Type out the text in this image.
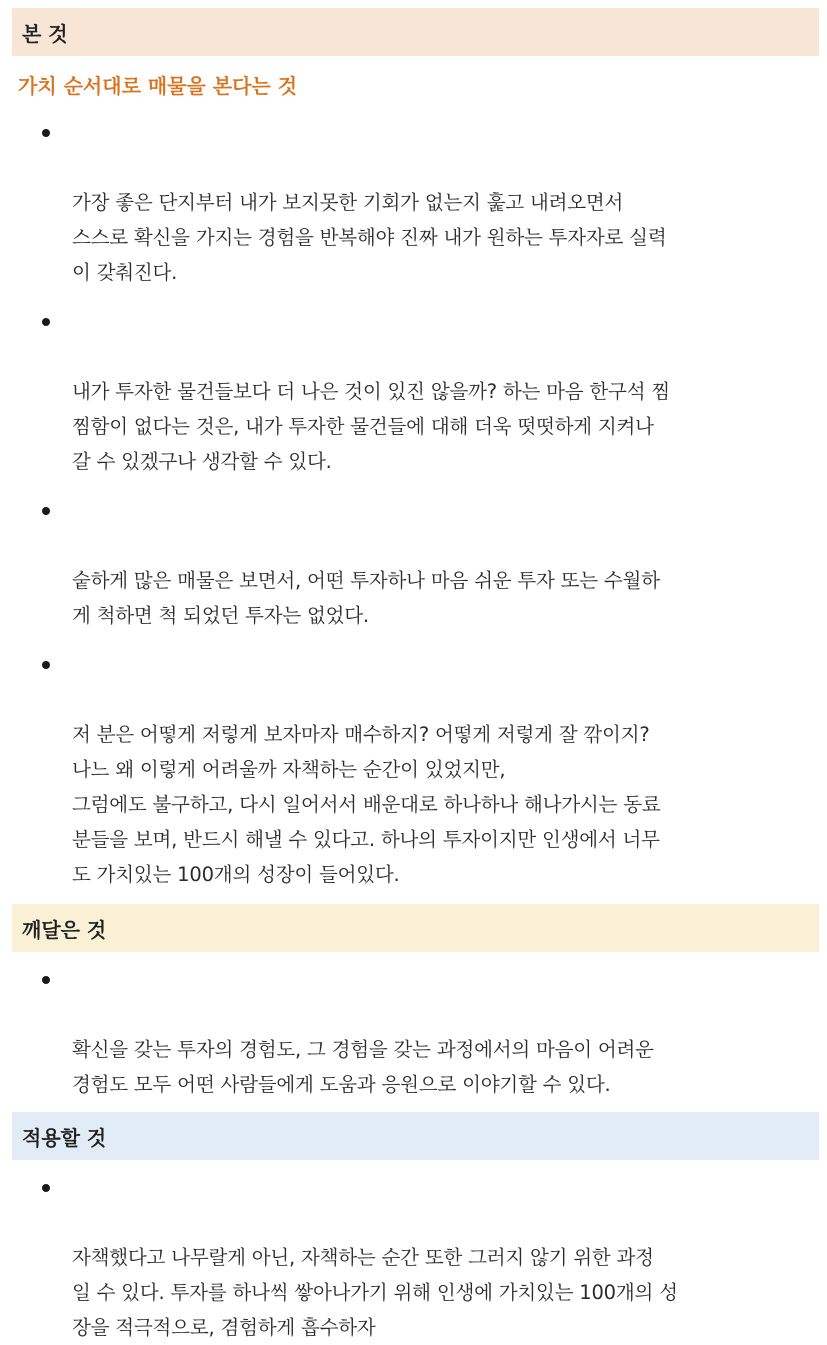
본 것
가치 순서대로 매물을 본다는 것

가장 좋은 단지부터 내가 보지못한 기회가 없는지 훑고 내려오면서
스스로 확신을 가지는 경험을 반복해야 진짜 내가 원하는 투자자로 실력
이 갖춰진다.

내가 투자한 물건들보다 더 나은 것이 있진 않을까? 하는 마음 한구석 찜
찜함이 없다는 것은, 내가 투자한 물건들에 대해 더욱 떳떳하게 지켜나
갈 수 있겠구나 생각할 수 있다.

숱하게 많은 매물은 보면서, 어떤 투자하나 마음 쉬운 투자 또는 수월하
게 척하면 척 되었던 투자는 없었다.

저 분은 어떻게 저렇게 보자마자 매수하지? 어떻게 저렇게 잘 깎이지?
나느 왜 이렇게 어려울까 자책하는 순간이 있었지만,
그럼에도 불구하고, 다시 일어서서 배운대로 하나하나 해나가시는 동료
분들을 보며, 반드시 해낼 수 있다고. 하나의 투자이지만 인생에서 너무
도 가치있는 100개의 성장이 들어있다.

깨달은 것

확신을 갖는 투자의 경험도, 그 경험을 갖는 과정에서의 마음이 어려운
경험도 모두 어떤 사람들에게 도움과 응원으로 이야기할 수 있다.

적용할 것

자책했다고 나무랄게 아닌, 자책하는 순간 또한 그러지 않기 위한 과정
일 수 있다. 투자를 하나씩 쌓아나가기 위해 인생에 가치있는 100개의 성
장을 적극적으로, 겸험하게 흡수하자
